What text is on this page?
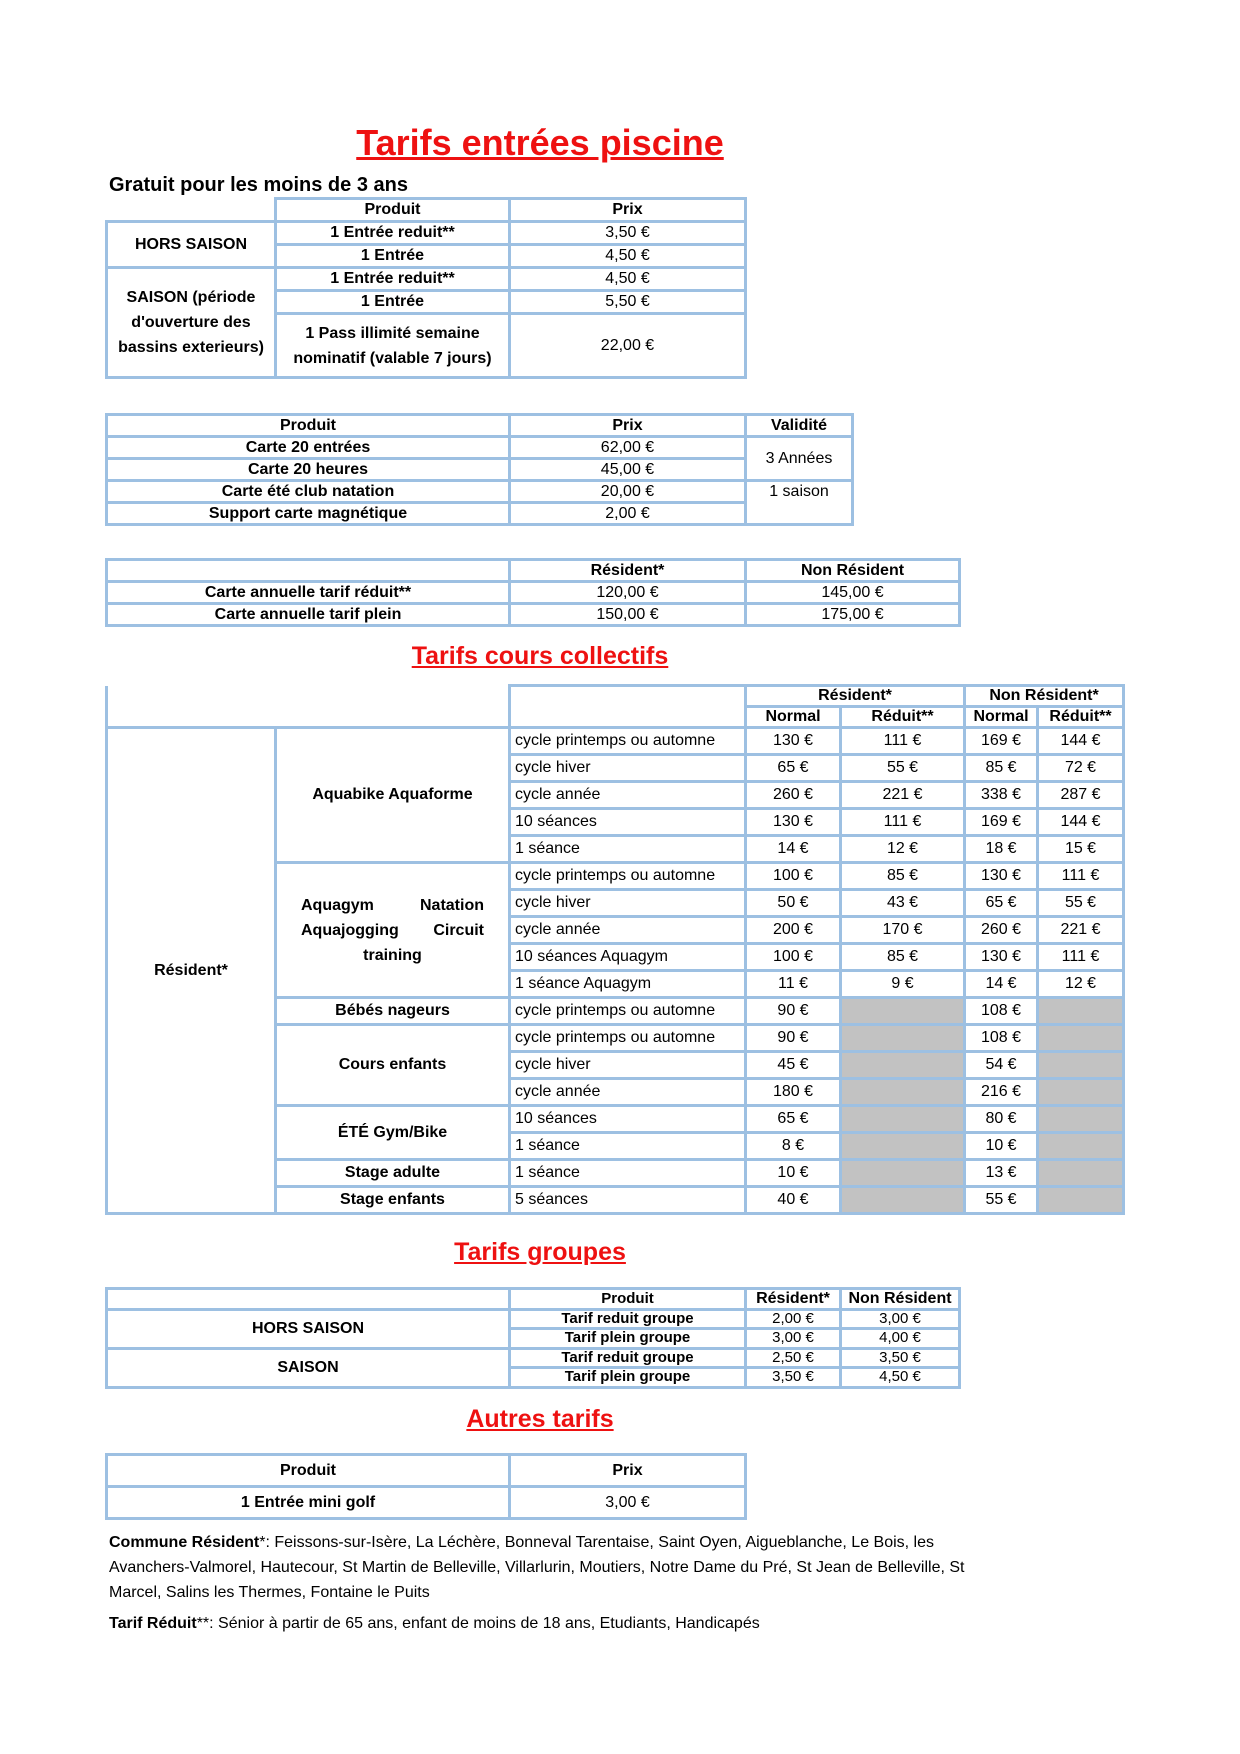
Tarifs entrées piscine
Gratuit pour les moins de 3 ans
	Produit	Prix
HORS SAISON	1 Entrée reduit**	3,50 €
	1 Entrée	4,50 €
SAISON (période d'ouverture des bassins exterieurs)	1 Entrée reduit**	4,50 €
	1 Entrée	5,50 €
	1 Pass illimité semaine nominatif (valable 7 jours)	22,00 €
Produit	Prix	Validité
Carte 20 entrées	62,00 €	3 Années
Carte 20 heures	45,00 €	
Carte été club natation	20,00 €	1 saison
Support carte magnétique	2,00 €	
	Résident*	Non Résident
Carte annuelle tarif réduit**	120,00 €	145,00 €
Carte annuelle tarif plein	150,00 €	175,00 €
Tarifs cours collectifs
			Résident*		Non Résident*	
			Normal	Réduit**	Normal	Réduit**
Résident*	Aquabike Aquaforme	cycle printemps ou automne	130 €	111 €	169 €	144 €
		cycle hiver	65 €	55 €	85 €	72 €
		cycle année	260 €	221 €	338 €	287 €
		10 séances	130 €	111 €	169 €	144 €
		1 séance	14 €	12 €	18 €	15 €
	Aquagym Natation Aquajogging Circuit training	cycle printemps ou automne	100 €	85 €	130 €	111 €
		cycle hiver	50 €	43 €	65 €	55 €
		cycle année	200 €	170 €	260 €	221 €
		10 séances Aquagym	100 €	85 €	130 €	111 €
		1 séance Aquagym	11 €	9 €	14 €	12 €
	Bébés nageurs	cycle printemps ou automne	90 €		108 €	
	Cours enfants	cycle printemps ou automne	90 €		108 €	
		cycle hiver	45 €		54 €	
		cycle année	180 €		216 €	
	ÉTÉ Gym/Bike	10 séances	65 €		80 €	
		1 séance	8 €		10 €	
	Stage adulte	1 séance	10 €		13 €	
	Stage enfants	5 séances	40 €		55 €	
Tarifs groupes
	Produit	Résident*	Non Résident
HORS SAISON	Tarif reduit groupe	2,00 €	3,00 €
	Tarif plein groupe	3,00 €	4,00 €
SAISON	Tarif reduit groupe	2,50 €	3,50 €
	Tarif plein groupe	3,50 €	4,50 €
Autres tarifs
Produit	Prix
1 Entrée mini golf	3,00 €
Commune Résident*: Feissons-sur-Isère, La Léchère, Bonneval Tarentaise, Saint Oyen, Aigueblanche, Le Bois, les Avanchers-Valmorel, Hautecour, St Martin de Belleville, Villarlurin, Moutiers, Notre Dame du Pré, St Jean de Belleville, St Marcel, Salins les Thermes, Fontaine le Puits
Tarif Réduit**: Sénior à partir de 65 ans, enfant de moins de 18 ans, Etudiants, Handicapés
